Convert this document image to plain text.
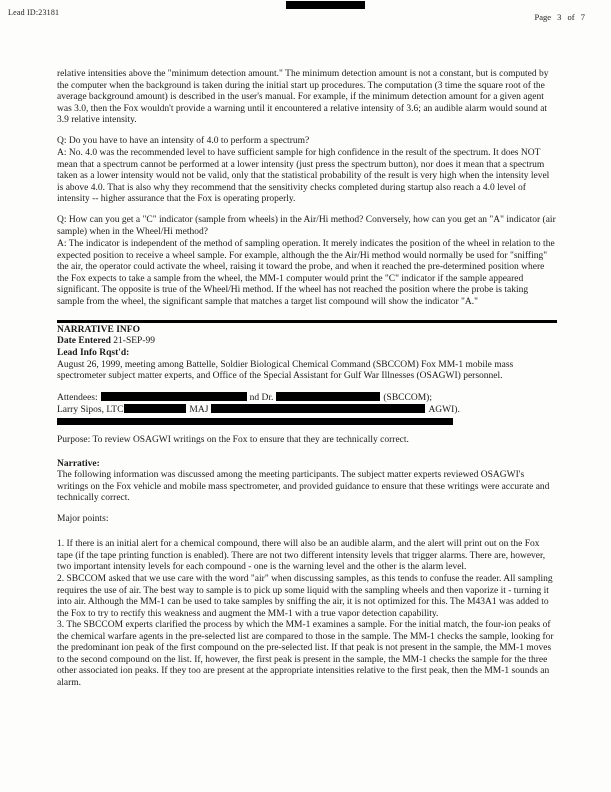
Lead ID:23181	Page 3 of 7

relative intensities above the "minimum detection amount." The minimum detection amount is not a constant, but is computed by the computer when the background is taken during the initial start up procedures. The computation (3 time the square root of the average background amount) is described in the user's manual. For example, if the minimum detection amount for a given agent was 3.0, then the Fox wouldn't provide a warning until it encountered a relative intensity of 3.6; an audible alarm would sound at 3.9 relative intensity.

Q: Do you have to have an intensity of 4.0 to perform a spectrum?

A: No. 4.0 was the recommended level to have sufficient sample for high confidence in the result of the spectrum. It does NOT mean that a spectrum cannot be performed at a lower intensity (just press the spectrum button), nor does it mean that a spectrum taken as a lower intensity would not be valid, only that the statistical probability of the result is very high when the intensity level is above 4.0. That is also why they recommend that the sensitivity checks completed during startup also reach a 4.0 level of intensity -- higher assurance that the Fox is operating properly.

Q: How can you get a "C" indicator (sample from wheels) in the Air/Hi method? Conversely, how can you get an "A" indicator (air sample) when in the Wheel/Hi method?

A: The indicator is independent of the method of sampling operation. It merely indicates the position of the wheel in relation to the expected position to receive a wheel sample. For example, although the the Air/Hi method would normally be used for "sniffing" the air, the operator could activate the wheel, raising it toward the probe, and when it reached the pre-determined position where the Fox expects to take a sample from the wheel, the MM-1 computer would print the "C" indicator if the sample appeared significant. The opposite is true of the Wheel/Hi method. If the wheel has not reached the position where the probe is taking sample from the wheel, the significant sample that matches a target list compound will show the indicator "A."

NARRATIVE INFO

Date Entered 21-SEP-99

Lead Info Rqst'd:

August 26, 1999, meeting among Battelle, Soldier Biological Chemical Command (SBCCOM) Fox MM-1 mobile mass spectrometer subject matter experts, and Office of the Special Assistant for Gulf War Illnesses (OSAGWI) personnel.

Attendees:	nd Dr.	(SBCCOM);
Larry Sipos, LTC	MAJ	AGWI).

Purpose: To review OSAGWI writings on the Fox to ensure that they are technically correct.

Narrative:

The following information was discussed among the meeting participants. The subject matter experts reviewed OSAGWI's writings on the Fox vehicle and mobile mass spectrometer, and provided guidance to ensure that these writings were accurate and technically correct.

Major points:

1. If there is an initial alert for a chemical compound, there will also be an audible alarm, and the alert will print out on the Fox tape (if the tape printing function is enabled). There are not two different intensity levels that trigger alarms. There are, however, two important intensity levels for each compound - one is the warning level and the other is the alarm level.

2. SBCCOM asked that we use care with the word "air" when discussing samples, as this tends to confuse the reader. All sampling requires the use of air. The best way to sample is to pick up some liquid with the sampling wheels and then vaporize it - turning it into air. Although the MM-1 can be used to take samples by sniffing the air, it is not optimized for this. The M43A1 was added to the Fox to try to rectify this weakness and augment the MM-1 with a true vapor detection capability.

3. The SBCCOM experts clarified the process by which the MM-1 examines a sample. For the initial match, the four-ion peaks of the chemical warfare agents in the pre-selected list are compared to those in the sample. The MM-1 checks the sample, looking for the predominant ion peak of the first compound on the pre-selected list. If that peak is not present in the sample, the MM-1 moves to the second compound on the list. If, however, the first peak is present in the sample, the MM-1 checks the sample for the three other associated ion peaks. If they too are present at the appropriate intensities relative to the first peak, then the MM-1 sounds an alarm.
